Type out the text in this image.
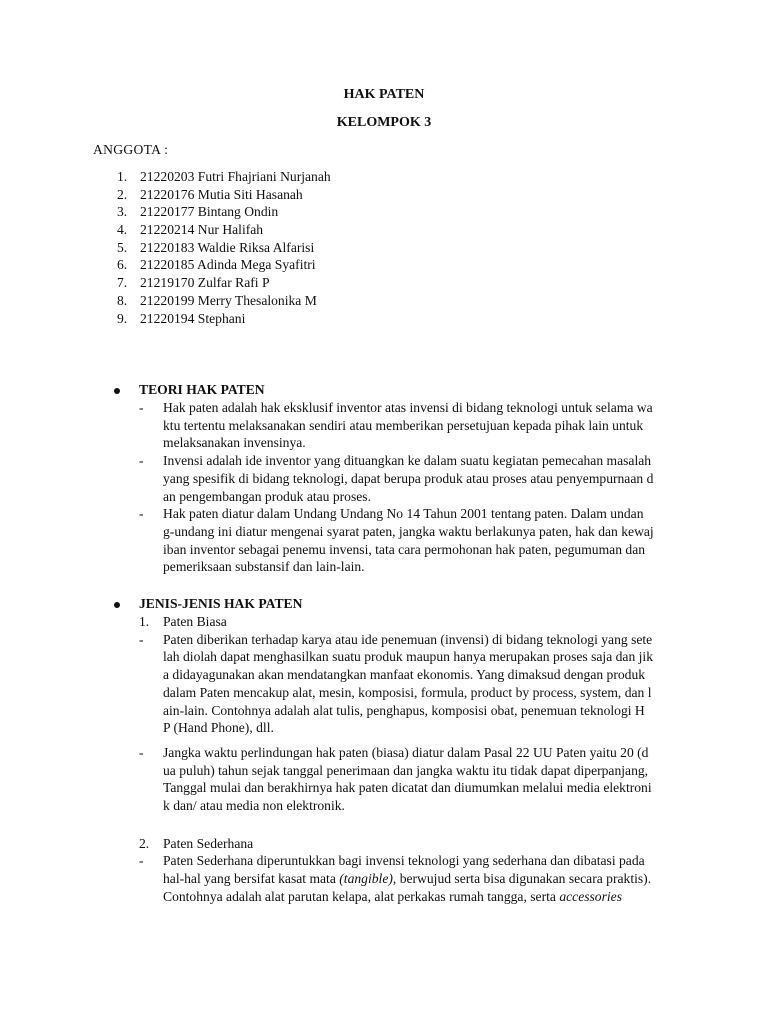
HAK PATEN
KELOMPOK 3
ANGGOTA :
1. 21220203 Futri Fhajriani Nurjanah
2. 21220176 Mutia Siti Hasanah
3. 21220177 Bintang Ondin
4. 21220214 Nur Halifah
5. 21220183 Waldie Riksa Alfarisi
6. 21220185 Adinda Mega Syafitri
7. 21219170 Zulfar Rafi P
8. 21220199 Merry Thesalonika M
9. 21220194 Stephani
TEORI HAK PATEN
- Hak paten adalah hak eksklusif inventor atas invensi di bidang teknologi untuk selama wa
ktu tertentu melaksanakan sendiri atau memberikan persetujuan kepada pihak lain untuk
melaksanakan invensinya.
- Invensi adalah ide inventor yang dituangkan ke dalam suatu kegiatan pemecahan masalah
yang spesifik di bidang teknologi, dapat berupa produk atau proses atau penyempurnaan d
an pengembangan produk atau proses.
- Hak paten diatur dalam Undang Undang No 14 Tahun 2001 tentang paten. Dalam undan
g-undang ini diatur mengenai syarat paten, jangka waktu berlakunya paten, hak dan kewaj
iban inventor sebagai penemu invensi, tata cara permohonan hak paten, pegumuman dan
pemeriksaan substansif dan lain-lain.
JENIS-JENIS HAK PATEN
1. Paten Biasa
- Paten diberikan terhadap karya atau ide penemuan (invensi) di bidang teknologi yang sete
lah diolah dapat menghasilkan suatu produk maupun hanya merupakan proses saja dan jik
a didayagunakan akan mendatangkan manfaat ekonomis. Yang dimaksud dengan produk
dalam Paten mencakup alat, mesin, komposisi, formula, product by process, system, dan l
ain-lain. Contohnya adalah alat tulis, penghapus, komposisi obat, penemuan teknologi H
P (Hand Phone), dll.
- Jangka waktu perlindungan hak paten (biasa) diatur dalam Pasal 22 UU Paten yaitu 20 (d
ua puluh) tahun sejak tanggal penerimaan dan jangka waktu itu tidak dapat diperpanjang,
Tanggal mulai dan berakhirnya hak paten dicatat dan diumumkan melalui media elektroni
k dan/ atau media non elektronik.
2. Paten Sederhana
- Paten Sederhana diperuntukkan bagi invensi teknologi yang sederhana dan dibatasi pada
hal-hal yang bersifat kasat mata (tangible), berwujud serta bisa digunakan secara praktis).
Contohnya adalah alat parutan kelapa, alat perkakas rumah tangga, serta accessories
